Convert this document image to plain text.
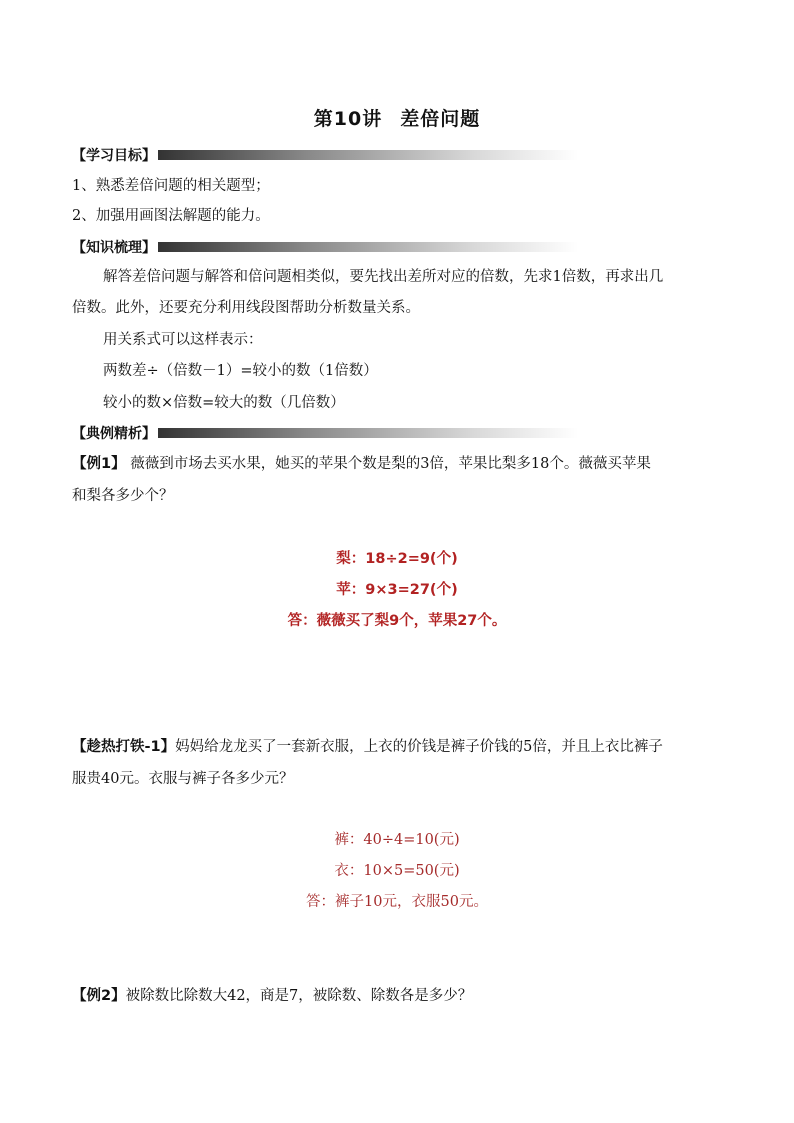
第10讲 差倍问题
【学习目标】
1、熟悉差倍问题的相关题型；
2、加强用画图法解题的能力。
【知识梳理】
解答差倍问题与解答和倍问题相类似，要先找出差所对应的倍数，先求1倍数，再求出几
倍数。此外，还要充分利用线段图帮助分析数量关系。
用关系式可以这样表示：
两数差÷（倍数－1）=较小的数（1倍数）
较小的数×倍数=较大的数（几倍数）
【典例精析】
【例1】 薇薇到市场去买水果，她买的苹果个数是梨的3倍，苹果比梨多18个。薇薇买苹果
和梨各多少个？
梨：18÷2=9(个)
苹：9×3=27(个)
答：薇薇买了梨9个，苹果27个。
【趁热打铁-1】妈妈给龙龙买了一套新衣服，上衣的价钱是裤子价钱的5倍，并且上衣比裤子
服贵40元。衣服与裤子各多少元？
裤：40÷4=10(元)
衣：10×5=50(元)
答：裤子10元，衣服50元。
【例2】被除数比除数大42，商是7，被除数、除数各是多少？
